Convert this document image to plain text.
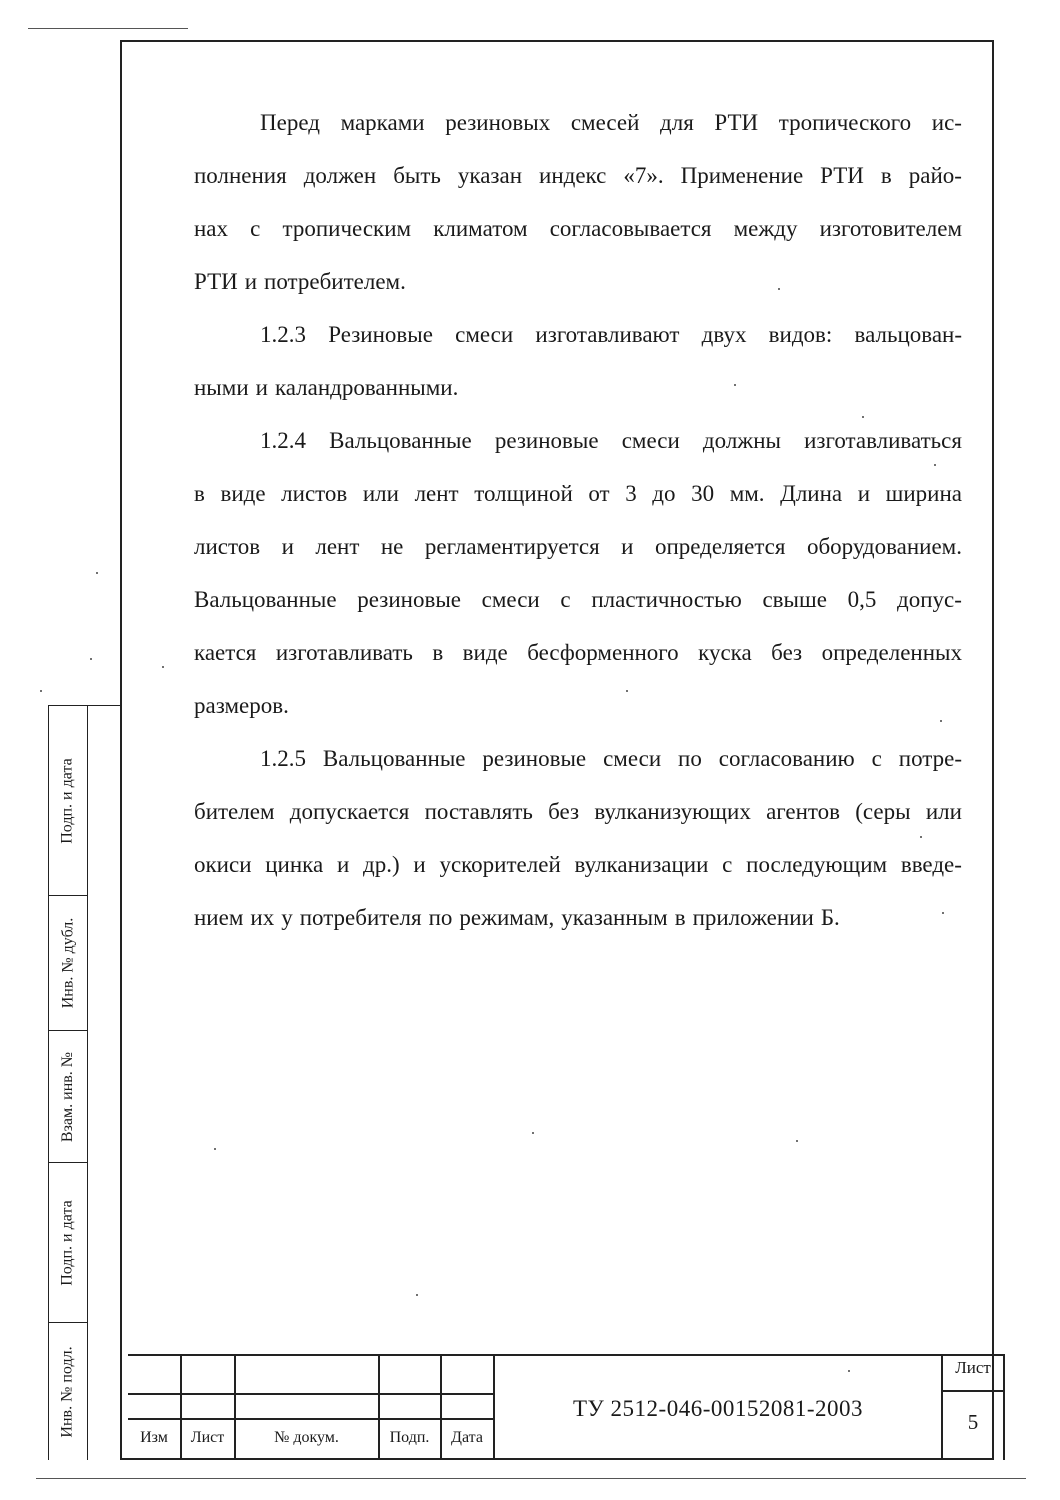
Перед марками резиновых смесей для РТИ тропического ис-
полнения должен быть указан индекс «7». Применение РТИ в райо-
нах с тропическим климатом согласовывается между изготовителем
РТИ и потребителем.
1.2.3 Резиновые смеси изготавливают двух видов: вальцован-
ными и каландрованными.
1.2.4 Вальцованные резиновые смеси должны изготавливаться
в виде листов или лент толщиной от 3 до 30 мм. Длина и ширина
листов и лент не регламентируется и определяется оборудованием.
Вальцованные резиновые смеси с пластичностью свыше 0,5 допус-
кается изготавливать в виде бесформенного куска без определенных
размеров.
1.2.5 Вальцованные резиновые смеси по согласованию с потре-
бителем допускается поставлять без вулканизующих агентов (серы или
окиси цинка и др.) и ускорителей вулканизации с последующим введе-
нием их у потребителя по режимам, указанным в приложении Б.
Подп. и дата
Инв. № дубл.
Взам. инв. №
Подп. и дата
Инв. № подл.
Изм	Лист	№ докум.	Подп.	Дата
ТУ 2512-046-00152081-2003
Лист
5
